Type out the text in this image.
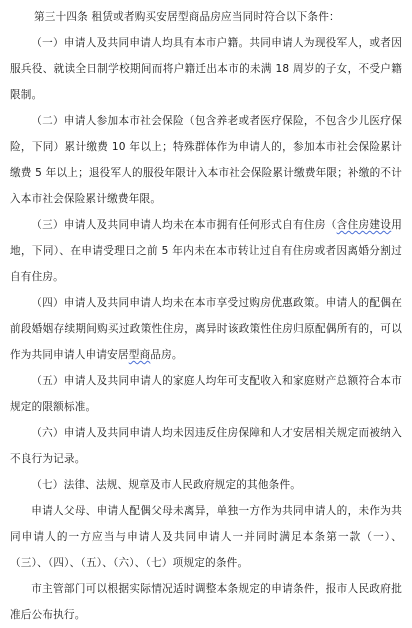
第三十四条 租赁或者购买安居型商品房应当同时符合以下条件：

（一）申请人及共同申请人均具有本市户籍。共同申请人为现役军人，或者因服兵役、就读全日制学校期间而将户籍迁出本市的未满 18 周岁的子女，不受户籍限制。

（二）申请人参加本市社会保险（包含养老或者医疗保险，不包含少儿医疗保险，下同）累计缴费 10 年以上；特殊群体作为申请人的，参加本市社会保险累计缴费 5 年以上；退役军人的服役年限计入本市社会保险累计缴费年限；补缴的不计入本市社会保险累计缴费年限。

（三）申请人及共同申请人均未在本市拥有任何形式自有住房（含住房建设用地，下同）、在申请受理日之前 5 年内未在本市转让过自有住房或者因离婚分割过自有住房。

（四）申请人及共同申请人均未在本市享受过购房优惠政策。申请人的配偶在前段婚姻存续期间购买过政策性住房，离异时该政策性住房归原配偶所有的，可以作为共同申请人申请安居型商品房。

（五）申请人及共同申请人的家庭人均年可支配收入和家庭财产总额符合本市规定的限额标准。

（六）申请人及共同申请人均未因违反住房保障和人才安居相关规定而被纳入不良行为记录。

（七）法律、法规、规章及市人民政府规定的其他条件。

申请人父母、申请人配偶父母未离异，单独一方作为共同申请人的，未作为共同申请人的一方应当与申请人及共同申请人一并同时满足本条第一款（一）、（三）、（四）、（五）、（六）、（七）项规定的条件。

市主管部门可以根据实际情况适时调整本条规定的申请条件，报市人民政府批准后公布执行。
